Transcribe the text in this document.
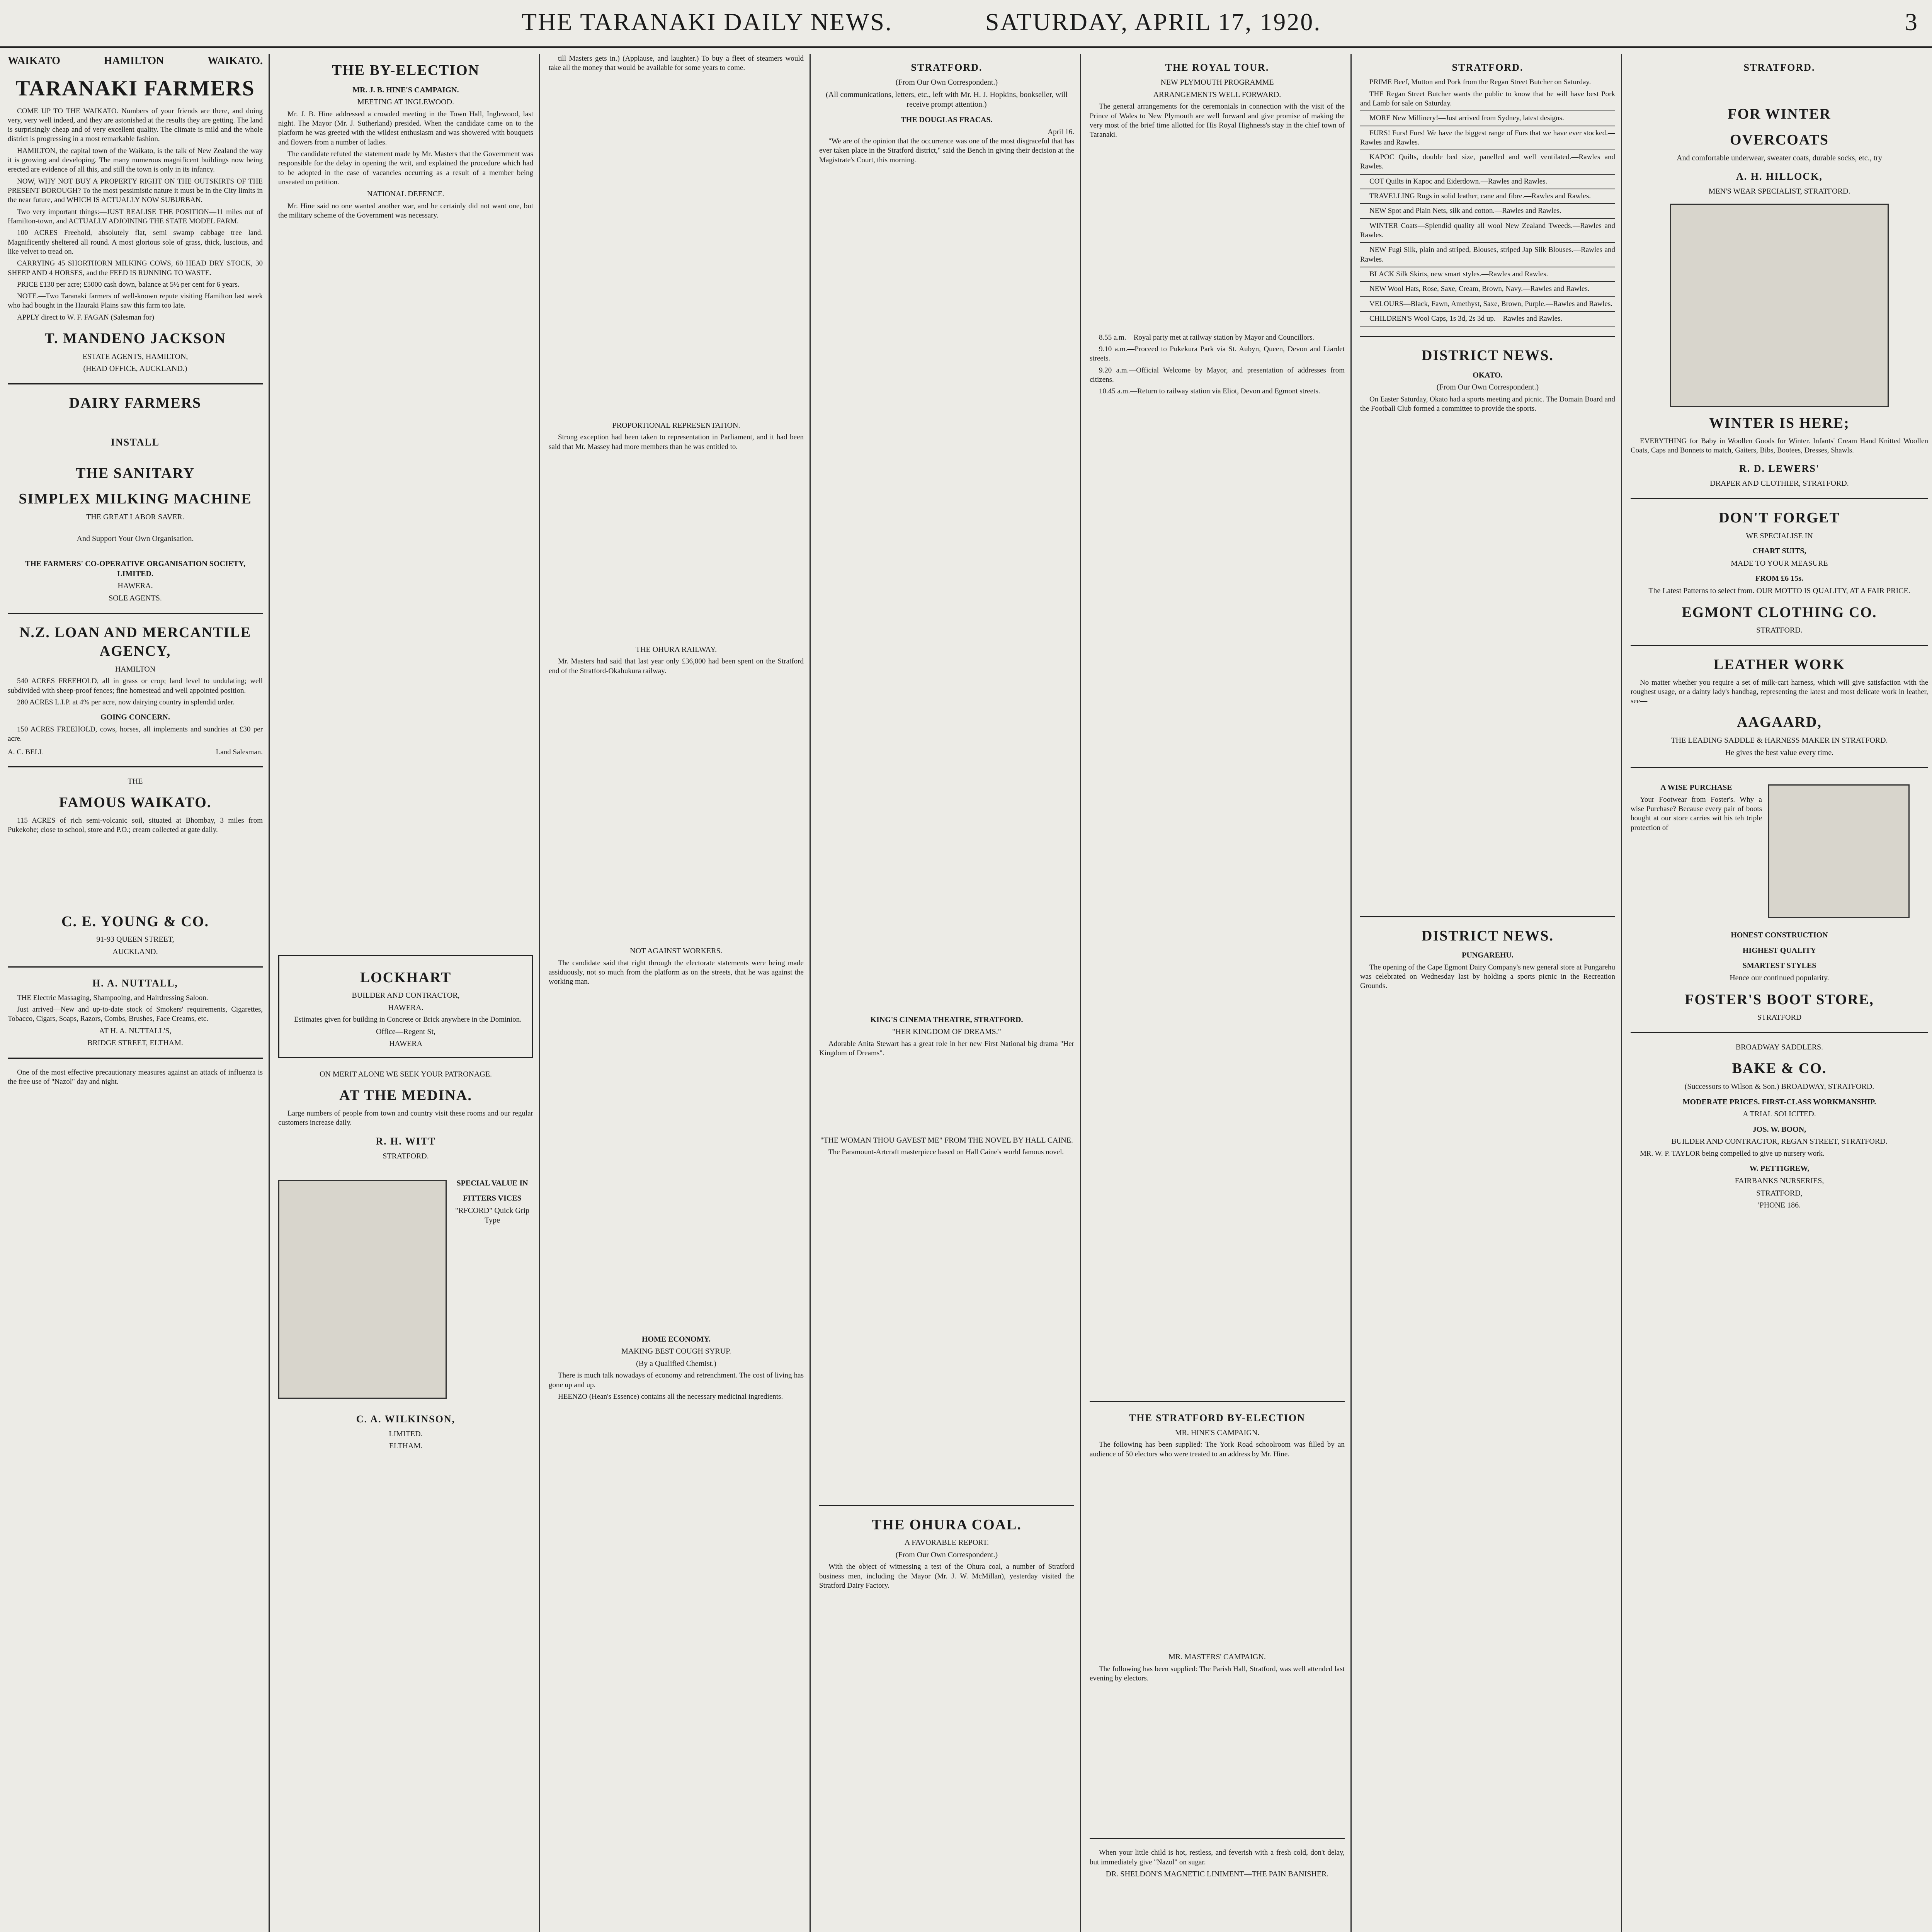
THE TARANAKI DAILY NEWS.	SATURDAY, APRIL 17, 1920.	3
WAIKATO	HAMILTON	WAIKATO.
TARANAKI FARMERS

COME UP TO THE WAIKATO. Numbers of your friends are there, and doing very, very well indeed, and they are astonished at the results they are getting. The land is surprisingly cheap and of very excellent quality. The climate is mild and the whole district is progressing in a most remarkable fashion.

HAMILTON, the capital town of the Waikato, is the talk of New Zealand the way it is growing and developing. The many numerous magnificent buildings now being erected are evidence of all this, and still the town is only in its infancy.

NOW, WHY NOT BUY A PROPERTY RIGHT ON THE OUTSKIRTS OF THE PRESENT BOROUGH? To the most pessimistic nature it must be in the City limits in the near future, and WHICH IS ACTUALLY NOW SUBURBAN.

Two very important things:—JUST REALISE THE POSITION—11 miles out of Hamilton-town, and ACTUALLY ADJOINING THE STATE MODEL FARM.

100 ACRES Freehold, absolutely flat, semi swamp cabbage tree land. Magnificently sheltered all round. A most glorious sole of grass, thick, luscious, and like velvet to tread on.

CARRYING 45 SHORTHORN MILKING COWS, 60 HEAD DRY STOCK, 30 SHEEP AND 4 HORSES, and the FEED IS RUNNING TO WASTE.

PRICE £130 per acre; £5000 cash down, balance at 5½ per cent for 6 years.

NOTE.—Two Taranaki farmers of well-known repute visiting Hamilton last week who had bought in the Hauraki Plains saw this farm too late.

APPLY direct to W. F. FAGAN (Salesman for)

T. MANDENO JACKSON
ESTATE AGENTS, HAMILTON,
(HEAD OFFICE, AUCKLAND.)
DAIRY FARMERS
INSTALL
THE SANITARY
SIMPLEX MILKING MACHINE
THE GREAT LABOR SAVER.
And Support Your Own Organisation.
THE FARMERS' CO-OPERATIVE ORGANISATION SOCIETY, LIMITED.
HAWERA.
SOLE AGENTS.
N.Z. LOAN AND MERCANTILE AGENCY,
HAMILTON

540 ACRES FREEHOLD, all in grass or crop; land level to undulating; well subdivided with sheep-proof fences; fine homestead and well appointed position.

280 ACRES L.I.P. at 4% per acre, now dairying country in splendid order.

GOING CONCERN.

150 ACRES FREEHOLD, cows, horses, all implements and sundries at £30 per acre.

A. C. BELL	Land Salesman.
THE
FAMOUS WAIKATO.

115 ACRES of rich semi-volcanic soil, situated at Bhombay, 3 miles from Pukekohe; close to school, store and P.O.; cream collected at gate daily.

C. E. YOUNG & CO.
91-93 QUEEN STREET,
AUCKLAND.
H. A. NUTTALL,

THE Electric Massaging, Shampooing, and Hairdressing Saloon.

Just arrived—New and up-to-date stock of Smokers' requirements, Cigarettes, Tobacco, Cigars, Soaps, Razors, Combs, Brushes, Face Creams, etc.

AT H. A. NUTTALL'S,
BRIDGE STREET, ELTHAM.

One of the most effective precautionary measures against an attack of influenza is the free use of "Nazol" day and night.

THE BY-ELECTION
MR. J. B. HINE'S CAMPAIGN.
MEETING AT INGLEWOOD.

Mr. J. B. Hine addressed a crowded meeting in the Town Hall, Inglewood, last night. The Mayor (Mr. J. Sutherland) presided. When the candidate came on to the platform he was greeted with the wildest enthusiasm and was showered with bouquets and flowers from a number of ladies.

The candidate refuted the statement made by Mr. Masters that the Government was responsible for the delay in opening the writ, and explained the procedure which had to be adopted in the case of vacancies occurring as a result of a member being unseated on petition.

NATIONAL DEFENCE.

Mr. Hine said no one wanted another war, and he certainly did not want one, but the military scheme of the Government was necessary.

LOCKHART
BUILDER AND CONTRACTOR,
HAWERA.

Estimates given for building in Concrete or Brick anywhere in the Dominion.

Office—Regent St,
HAWERA
ON MERIT ALONE WE SEEK YOUR PATRONAGE.
AT THE MEDINA.

Large numbers of people from town and country visit these rooms and our regular customers increase daily.

R. H. WITT
STRATFORD.
SPECIAL VALUE IN
FITTERS VICES
"RFCORD" Quick Grip Type
C. A. WILKINSON,
LIMITED.
ELTHAM.

till Masters gets in.) (Applause, and laughter.) To buy a fleet of steamers would take all the money that would be available for some years to come.

PROPORTIONAL REPRESENTATION.

Strong exception had been taken to representation in Parliament, and it had been said that Mr. Massey had more members than he was entitled to.

THE OHURA RAILWAY.

Mr. Masters had said that last year only £36,000 had been spent on the Stratford end of the Stratford-Okahukura railway.

NOT AGAINST WORKERS.

The candidate said that right through the electorate statements were being made assiduously, not so much from the platform as on the streets, that he was against the working man.

HOME ECONOMY.
MAKING BEST COUGH SYRUP.
(By a Qualified Chemist.)

There is much talk nowadays of economy and retrenchment. The cost of living has gone up and up.

HEENZO (Hean's Essence) contains all the necessary medicinal ingredients.

STRATFORD.
(From Our Own Correspondent.)
(All communications, letters, etc., left with Mr. H. J. Hopkins, bookseller, will receive prompt attention.)
THE DOUGLAS FRACAS.
April 16.

"We are of the opinion that the occurrence was one of the most disgraceful that has ever taken place in the Stratford district," said the Bench in giving their decision at the Magistrate's Court, this morning.

KING'S CINEMA THEATRE, STRATFORD.
"HER KINGDOM OF DREAMS."

Adorable Anita Stewart has a great role in her new First National big drama "Her Kingdom of Dreams".

"THE WOMAN THOU GAVEST ME" FROM THE NOVEL BY HALL CAINE.

The Paramount-Artcraft masterpiece based on Hall Caine's world famous novel.

THE OHURA COAL.
A FAVORABLE REPORT.
(From Our Own Correspondent.)

With the object of witnessing a test of the Ohura coal, a number of Stratford business men, including the Mayor (Mr. J. W. McMillan), yesterday visited the Stratford Dairy Factory.

THE ROYAL TOUR.
NEW PLYMOUTH PROGRAMME
ARRANGEMENTS WELL FORWARD.

The general arrangements for the ceremonials in connection with the visit of the Prince of Wales to New Plymouth are well forward and give promise of making the very most of the brief time allotted for His Royal Highness's stay in the chief town of Taranaki.

8.55 a.m.—Royal party met at railway station by Mayor and Councillors.

9.10 a.m.—Proceed to Pukekura Park via St. Aubyn, Queen, Devon and Liardet streets.

9.20 a.m.—Official Welcome by Mayor, and presentation of addresses from citizens.

10.45 a.m.—Return to railway station via Eliot, Devon and Egmont streets.

THE STRATFORD BY-ELECTION
MR. HINE'S CAMPAIGN.

The following has been supplied: The York Road schoolroom was filled by an audience of 50 electors who were treated to an address by Mr. Hine.

MR. MASTERS' CAMPAIGN.

The following has been supplied: The Parish Hall, Stratford, was well attended last evening by electors.

When your little child is hot, restless, and feverish with a fresh cold, don't delay, but immediately give "Nazol" on sugar.

DR. SHELDON'S MAGNETIC LINIMENT—THE PAIN BANISHER.
STRATFORD.

PRIME Beef, Mutton and Pork from the Regan Street Butcher on Saturday.

THE Regan Street Butcher wants the public to know that he will have best Pork and Lamb for sale on Saturday.

MORE New Millinery!—Just arrived from Sydney, latest designs.

FURS! Furs! Furs! We have the biggest range of Furs that we have ever stocked.—Rawles and Rawles.

KAPOC Quilts, double bed size, panelled and well ventilated.—Rawles and Rawles.

COT Quilts in Kapoc and Eiderdown.—Rawles and Rawles.

TRAVELLING Rugs in solid leather, cane and fibre.—Rawles and Rawles.

NEW Spot and Plain Nets, silk and cotton.—Rawles and Rawles.

WINTER Coats—Splendid quality all wool New Zealand Tweeds.—Rawles and Rawles.

NEW Fugi Silk, plain and striped, Blouses, striped Jap Silk Blouses.—Rawles and Rawles.

BLACK Silk Skirts, new smart styles.—Rawles and Rawles.

NEW Wool Hats, Rose, Saxe, Cream, Brown, Navy.—Rawles and Rawles.

VELOURS—Black, Fawn, Amethyst, Saxe, Brown, Purple.—Rawles and Rawles.

CHILDREN'S Wool Caps, 1s 3d, 2s 3d up.—Rawles and Rawles.

DISTRICT NEWS.
OKATO.
(From Our Own Correspondent.)

On Easter Saturday, Okato had a sports meeting and picnic. The Domain Board and the Football Club formed a committee to provide the sports.

DISTRICT NEWS.
PUNGAREHU.

The opening of the Cape Egmont Dairy Company's new general store at Pungarehu was celebrated on Wednesday last by holding a sports picnic in the Recreation Grounds.

STRATFORD.
FOR WINTER
OVERCOATS
And comfortable underwear, sweater coats, durable socks, etc., try
A. H. HILLOCK,
MEN'S WEAR SPECIALIST, STRATFORD.
WINTER IS HERE;

EVERYTHING for Baby in Woollen Goods for Winter. Infants' Cream Hand Knitted Woollen Coats, Caps and Bonnets to match, Gaiters, Bibs, Bootees, Dresses, Shawls.

R. D. LEWERS'
DRAPER AND CLOTHIER, STRATFORD.
DON'T FORGET
WE SPECIALISE IN
CHART SUITS,
MADE TO YOUR MEASURE
FROM £6 15s.
The Latest Patterns to select from. OUR MOTTO IS QUALITY, AT A FAIR PRICE.
EGMONT CLOTHING CO.
STRATFORD.
LEATHER WORK

No matter whether you require a set of milk-cart harness, which will give satisfaction with the roughest usage, or a dainty lady's handbag, representing the latest and most delicate work in leather, see—

AAGAARD,
THE LEADING SADDLE & HARNESS MAKER IN STRATFORD.
He gives the best value every time.
A WISE PURCHASE

Your Footwear from Foster's. Why a wise Purchase? Because every pair of boots bought at our store carries wit his teh triple protection of

HONEST CONSTRUCTION
HIGHEST QUALITY
SMARTEST STYLES
Hence our continued popularity.
FOSTER'S BOOT STORE,
STRATFORD
BROADWAY SADDLERS.
BAKE & CO.
(Successors to Wilson & Son.) BROADWAY, STRATFORD.
MODERATE PRICES. FIRST-CLASS WORKMANSHIP.
A TRIAL SOLICITED.
JOS. W. BOON,
BUILDER AND CONTRACTOR, REGAN STREET, STRATFORD.

MR. W. P. TAYLOR being compelled to give up nursery work.

W. PETTIGREW,
FAIRBANKS NURSERIES,
STRATFORD,
'PHONE 186.
